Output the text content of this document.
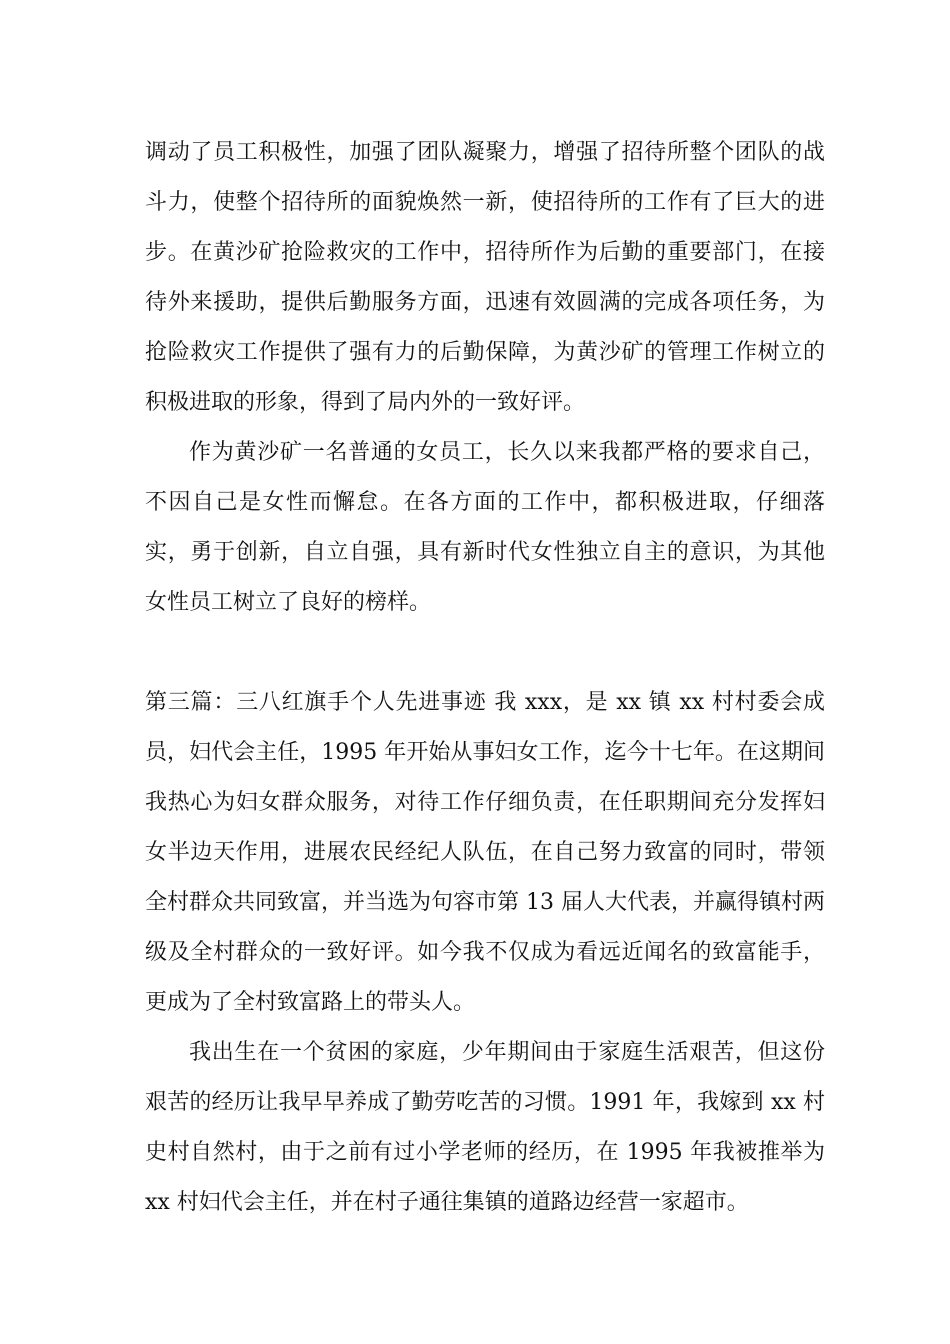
调动了员工积极性，加强了团队凝聚力，增强了招待所整个团队的战斗力，使整个招待所的面貌焕然一新，使招待所的工作有了巨大的进步。在黄沙矿抢险救灾的工作中，招待所作为后勤的重要部门，在接待外来援助，提供后勤服务方面，迅速有效圆满的完成各项任务，为抢险救灾工作提供了强有力的后勤保障，为黄沙矿的管理工作树立的积极进取的形象，得到了局内外的一致好评。

作为黄沙矿一名普通的女员工，长久以来我都严格的要求自己，不因自己是女性而懈怠。在各方面的工作中，都积极进取，仔细落实，勇于创新，自立自强，具有新时代女性独立自主的意识，为其他女性员工树立了良好的榜样。

第三篇：三八红旗手个人先进事迹 我 xxx，是 xx 镇 xx 村村委会成员，妇代会主任，1995 年开始从事妇女工作，迄今十七年。在这期间我热心为妇女群众服务，对待工作仔细负责，在任职期间充分发挥妇女半边天作用，进展农民经纪人队伍，在自己努力致富的同时，带领全村群众共同致富，并当选为句容市第 13 届人大代表，并赢得镇村两级及全村群众的一致好评。如今我不仅成为看远近闻名的致富能手，更成为了全村致富路上的带头人。

我出生在一个贫困的家庭，少年期间由于家庭生活艰苦，但这份艰苦的经历让我早早养成了勤劳吃苦的习惯。1991 年，我嫁到 xx 村史村自然村，由于之前有过小学老师的经历，在 1995 年我被推举为 xx 村妇代会主任，并在村子通往集镇的道路边经营一家超市。
